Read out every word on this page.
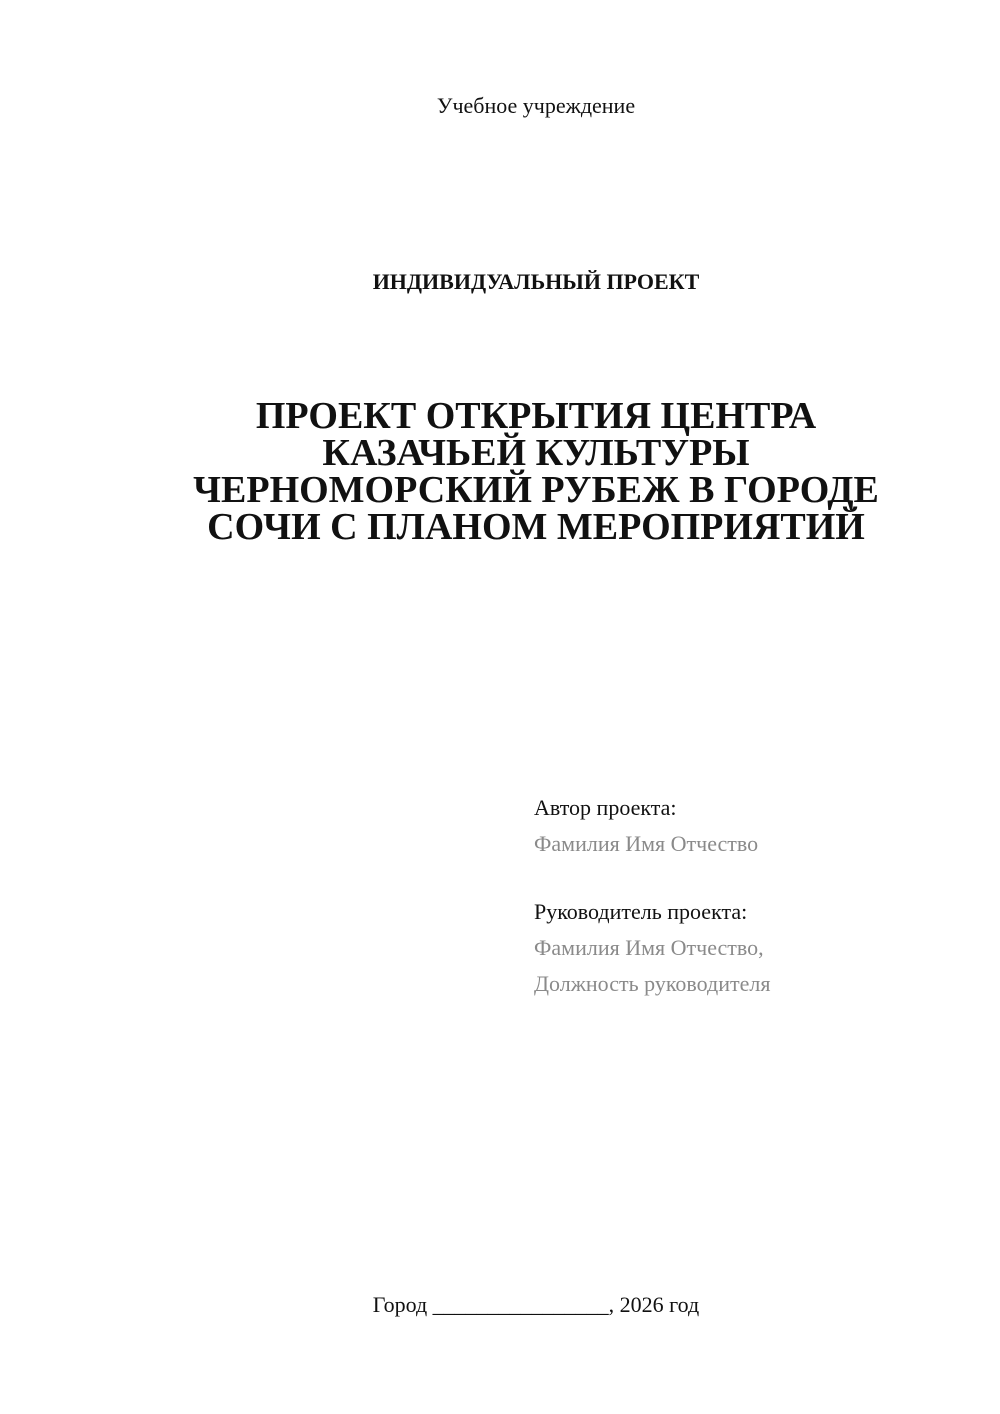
Учебное учреждение
ИНДИВИДУАЛЬНЫЙ ПРОЕКТ
ПРОЕКТ ОТКРЫТИЯ ЦЕНТРА
КАЗАЧЬЕЙ КУЛЬТУРЫ
ЧЕРНОМОРСКИЙ РУБЕЖ В ГОРОДЕ
СОЧИ С ПЛАНОМ МЕРОПРИЯТИЙ
Автор проекта:
Фамилия Имя Отчество
Руководитель проекта:
Фамилия Имя Отчество,
Должность руководителя
Город ________________, 2026 год
